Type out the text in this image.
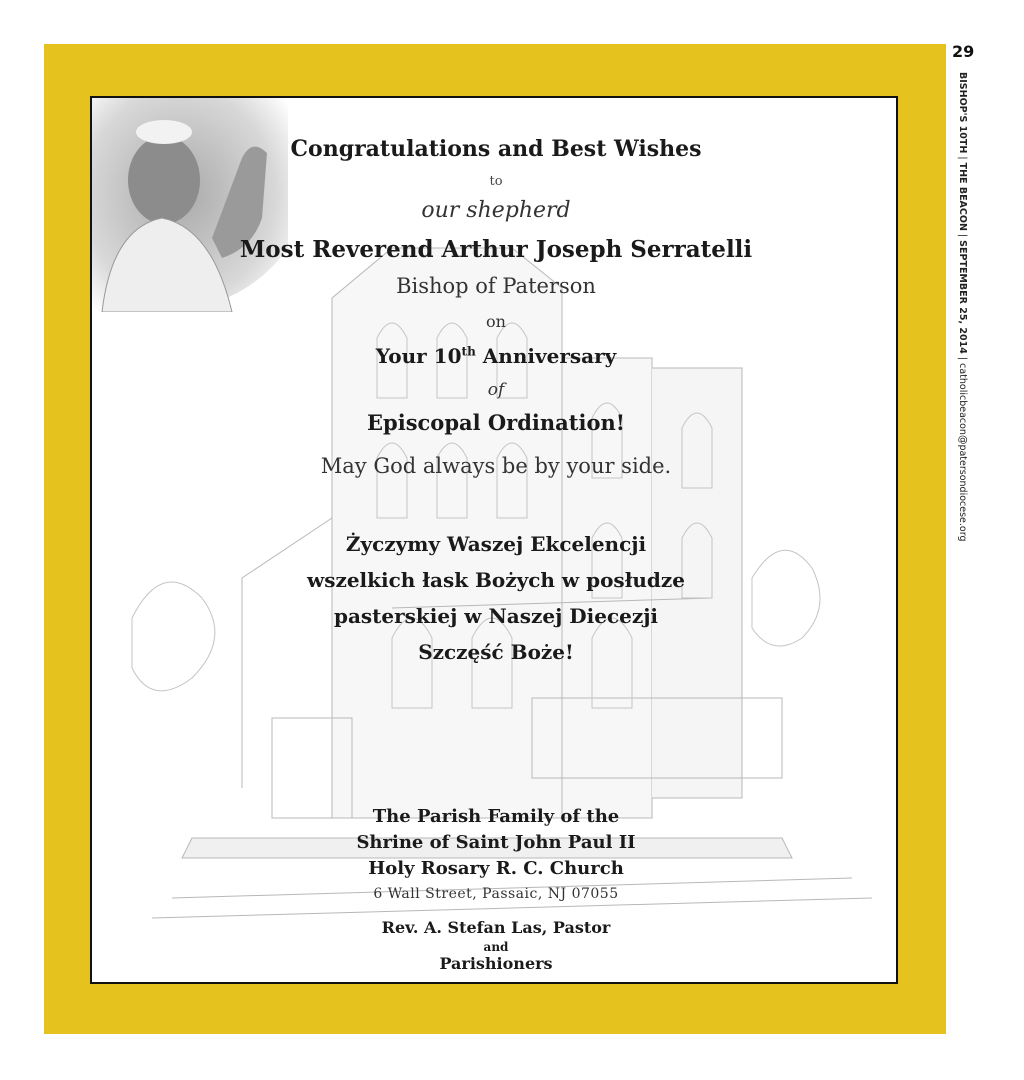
Congratulations and Best Wishes
to
our shepherd
Most Reverend Arthur Joseph Serratelli
Bishop of Paterson
on
Your 10th Anniversary
of
Episcopal Ordination!
May God always be by your side.
Życzymy Waszej Ekcelencji
wszelkich łask Bożych w posłudze
pasterskiej w Naszej Diecezji
Szczęść Boże!
The Parish Family of the
Shrine of Saint John Paul II
Holy Rosary R. C. Church
6 Wall Street, Passaic, NJ 07055
Rev. A. Stefan Las, Pastor
and
Parishioners
29
BISHOP'S 10TH | THE BEACON | SEPTEMBER 25, 2014 | catholicbeacon@patersondiocese.org
